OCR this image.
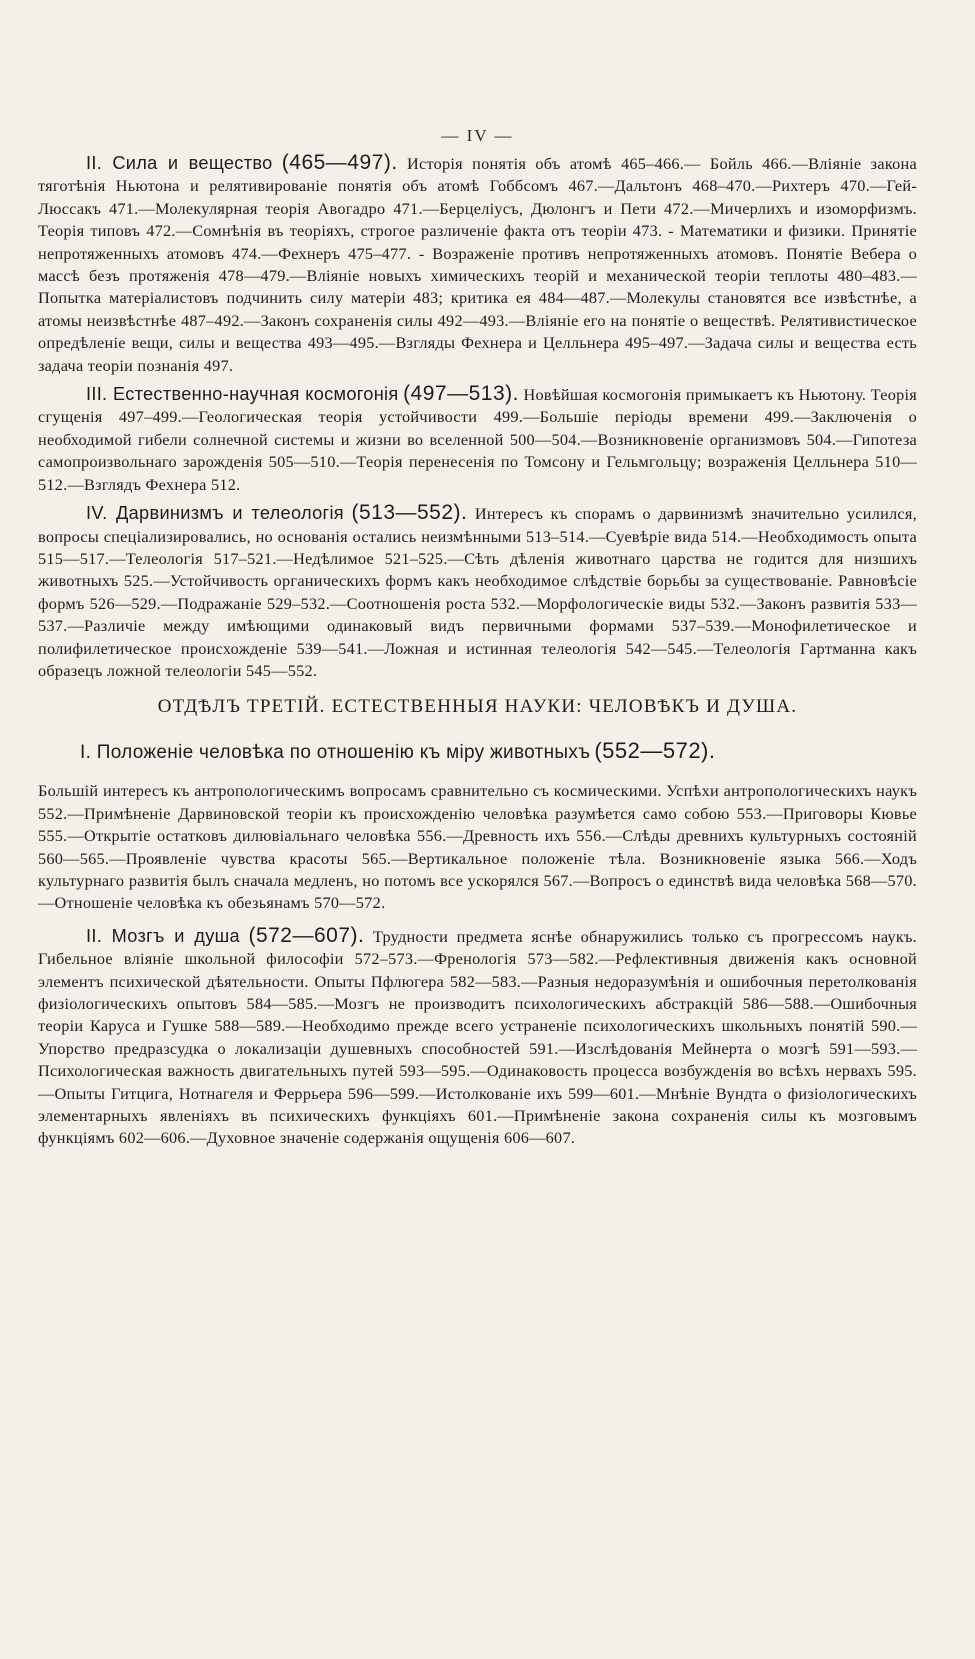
— IV —

II. Сила и вещество (465—497). Исторія понятія объ атомѣ 465–466.— Бойль 466.—Вліяніе закона тяготѣнія Ньютона и релятивированіе понятія объ атомѣ Гоббсомъ 467.—Дальтонъ 468–470.—Рихтеръ 470.—Гей-Люссакъ 471.—Молекулярная теорія Авогадро 471.—Берцеліусъ, Дюлонгъ и Пети 472.—Мичерлихъ и изоморфизмъ. Теорія типовъ 472.—Сомнѣнія въ теоріяхъ, строгое различеніе факта отъ теоріи 473. - Математики и физики. Принятіе непротяженныхъ атомовъ 474.—Фехнеръ 475–477. - Возраженіе противъ непротяженныхъ атомовъ. Понятіе Вебера о массѣ безъ протяженія 478—479.—Вліяніе новыхъ химическихъ теорій и механической теоріи теплоты 480–483.—Попытка матеріалистовъ подчинить силу матеріи 483; критика ея 484—487.—Молекулы становятся все извѣстнѣе, а атомы неизвѣстнѣе 487–492.—Законъ сохраненія силы 492—493.—Вліяніе его на понятіе о веществѣ. Релятивистическое опредѣленіе вещи, силы и вещества 493—495.—Взгляды Фехнера и Целльнера 495–497.—Задача силы и вещества есть задача теоріи познанія 497.

III. Естественно-научная космогонія (497—513). Новѣйшая космогонія примыкаетъ къ Ньютону. Теорія сгущенія 497–499.—Геологическая теорія устойчивости 499.—Большіе періоды времени 499.—Заключенія о необходимой гибели солнечной системы и жизни во вселенной 500—504.—Возникновеніе организмовъ 504.—Гипотеза самопроизвольнаго зарожденія 505—510.—Теорія перенесенія по Томсону и Гельмгольцу; возраженія Целльнера 510—512.—Взглядъ Фехнера 512.

IV. Дарвинизмъ и телеологія (513—552). Интересъ къ спорамъ о дарвинизмѣ значительно усилился, вопросы спеціализировались, но основанія остались неизмѣнными 513–514.—Суевѣріе вида 514.—Необходимость опыта 515—517.—Телеологія 517–521.—Недѣлимое 521–525.—Сѣть дѣленія животнаго царства не годится для низшихъ животныхъ 525.—Устойчивость органическихъ формъ какъ необходимое слѣдствіе борьбы за существованіе. Равновѣсіе формъ 526—529.—Подражаніе 529–532.—Соотношенія роста 532.—Морфологическіе виды 532.—Законъ развитія 533—537.—Различіе между имѣющими одинаковый видъ первичными формами 537–539.—Монофилетическое и полифилетическое происхожденіе 539—541.—Ложная и истинная телеологія 542—545.—Телеологія Гартманна какъ образецъ ложной телеологіи 545—552.

ОТДѢЛЪ ТРЕТІЙ. ЕСТЕСТВЕННЫЯ НАУКИ: ЧЕЛОВѢКЪ И ДУША.
I. Положеніе человѣка по отношенію къ міру животныхъ (552—572).

Большій интересъ къ антропологическимъ вопросамъ сравнительно съ космическими. Успѣхи антропологическихъ наукъ 552.—Примѣненіе Дарвиновской теоріи къ происхожденію человѣка разумѣется само собою 553.—Приговоры Кювье 555.—Открытіе остатковъ дилювіальнаго человѣка 556.—Древность ихъ 556.—Слѣды древнихъ культурныхъ состояній 560—565.—Проявленіе чувства красоты 565.—Вертикальное положеніе тѣла. Возникновеніе языка 566.—Ходъ культурнаго развитія былъ сначала медленъ, но потомъ все ускорялся 567.—Вопросъ о единствѣ вида человѣка 568—570.—Отношеніе человѣка къ обезьянамъ 570—572.

II. Мозгъ и душа (572—607). Трудности предмета яснѣе обнаружились только съ прогрессомъ наукъ. Гибельное вліяніе школьной философіи 572–573.—Френологія 573—582.—Рефлективныя движенія какъ основной элементъ психической дѣятельности. Опыты Пфлюгера 582—583.—Разныя недоразумѣнія и ошибочныя перетолкованія физіологическихъ опытовъ 584—585.—Мозгъ не производитъ психологическихъ абстракцій 586—588.—Ошибочныя теоріи Каруса и Гушке 588—589.—Необходимо прежде всего устраненіе психологическихъ школьныхъ понятій 590.—Упорство предразсудка о локализаціи душевныхъ способностей 591.—Изслѣдованія Мейнерта о мозгѣ 591—593.—Психологическая важность двигательныхъ путей 593—595.—Одинаковость процесса возбужденія во всѣхъ нервахъ 595.—Опыты Гитцига, Нотнагеля и Феррьера 596—599.—Истолкованіе ихъ 599—601.—Мнѣніе Вундта о физіологическихъ элементарныхъ явленіяхъ въ психическихъ функціяхъ 601.—Примѣненіе закона сохраненія силы къ мозговымъ функціямъ 602—606.—Духовное значеніе содержанія ощущенія 606—607.
